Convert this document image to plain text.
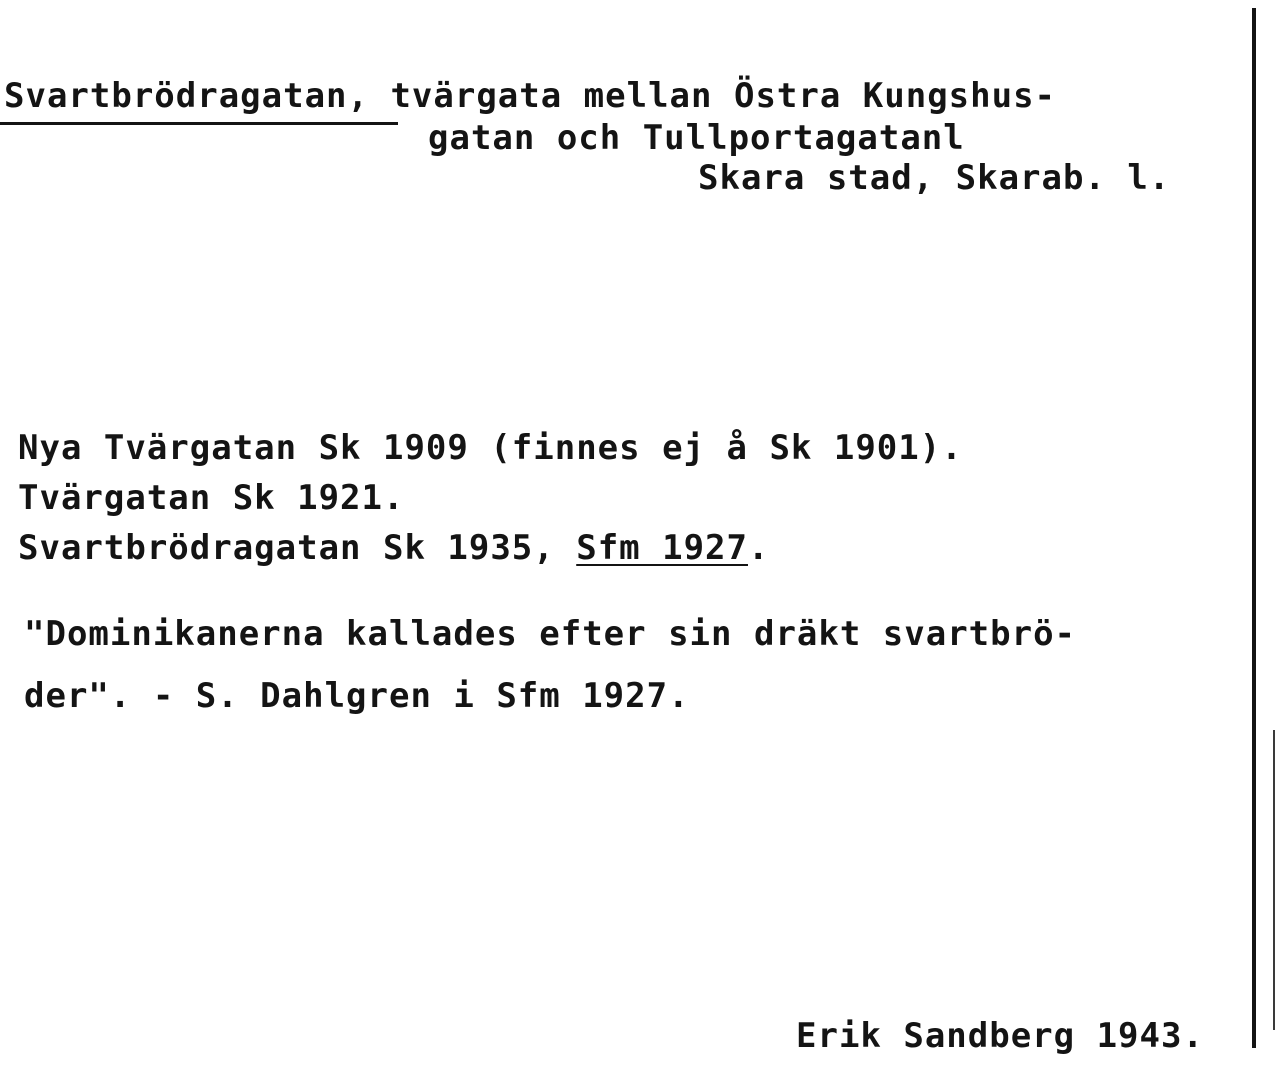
Svartbrödragatan, tvärgata mellan Östra Kungshus-
gatan och Tullportagatanl
Skara stad, Skarab. l.
Nya Tvärgatan Sk 1909 (finnes ej å Sk 1901).
Tvärgatan Sk 1921.
Svartbrödragatan Sk 1935, Sfm 1927.
"Dominikanerna kallades efter sin dräkt svartbrö-
der". - S. Dahlgren i Sfm 1927.
Erik Sandberg 1943.
